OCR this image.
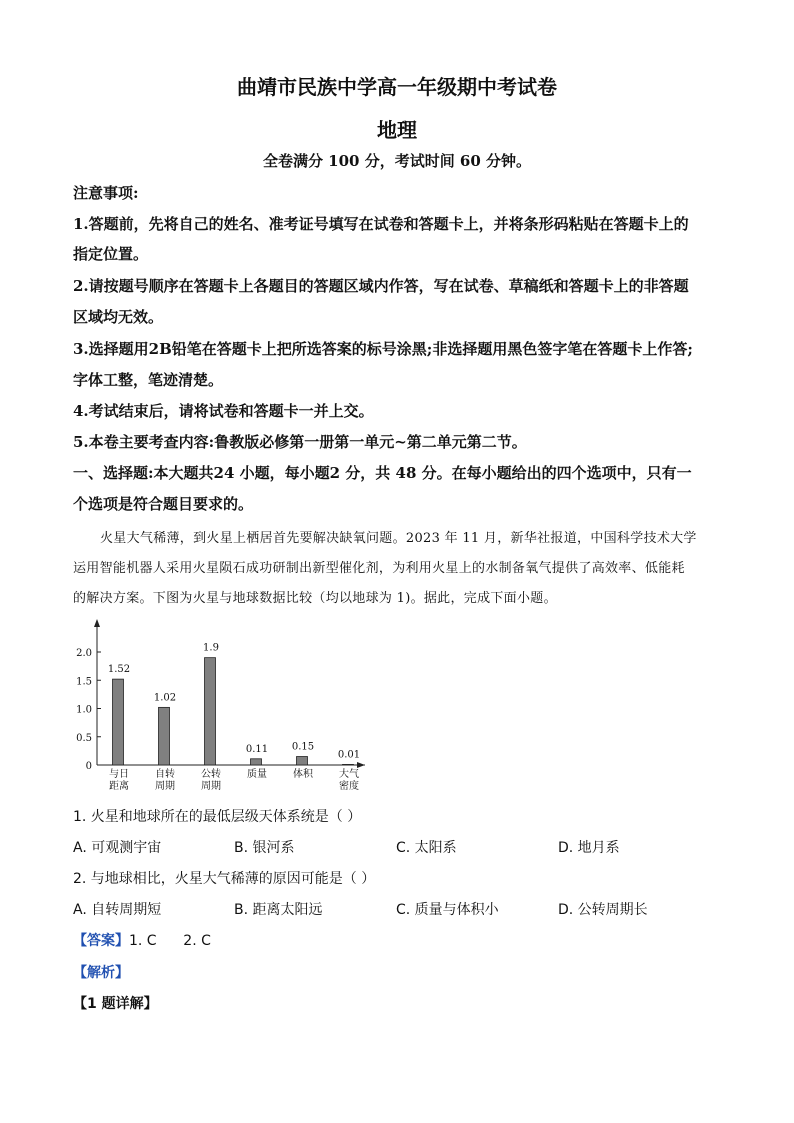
曲靖市民族中学高一年级期中考试卷
地理
全卷满分 100 分，考试时间 60 分钟。
注意事项:
1.答题前，先将自己的姓名、准考证号填写在试卷和答题卡上，并将条形码粘贴在答题卡上的
指定位置。
2.请按题号顺序在答题卡上各题目的答题区域内作答，写在试卷、草稿纸和答题卡上的非答题
区域均无效。
3.选择题用2B铅笔在答题卡上把所选答案的标号涂黑;非选择题用黑色签字笔在答题卡上作答;
字体工整，笔迹清楚。
4.考试结束后，请将试卷和答题卡一并上交。
5.本卷主要考查内容:鲁教版必修第一册第一单元~第二单元第二节。
一、选择题:本大题共24 小题，每小题2 分，共 48 分。在每小题给出的四个选项中，只有一
个选项是符合题目要求的。
火星大气稀薄，到火星上栖居首先要解决缺氧问题。2023 年 11 月，新华社报道，中国科学技术大学
运用智能机器人采用火星陨石成功研制出新型催化剂，为利用火星上的水制备氧气提供了高效率、低能耗
的解决方案。下图为火星与地球数据比较（均以地球为 1)。据此，完成下面小题。
0
0.5
1.0
1.5
2.0
1.52
与日
距离
1.02
自转
周期
1.9
公转
周期
0.11
质量
0.15
体积
0.01
大气
密度
1. 火星和地球所在的最低层级天体系统是（ ）
A. 可观测宇宙	B. 银河系	C. 太阳系	D. 地月系
2. 与地球相比，火星大气稀薄的原因可能是（ ）
A. 自转周期短	B. 距离太阳远	C. 质量与体积小	D. 公转周期长
【答案】1. C      2. C
【解析】
【1 题详解】
